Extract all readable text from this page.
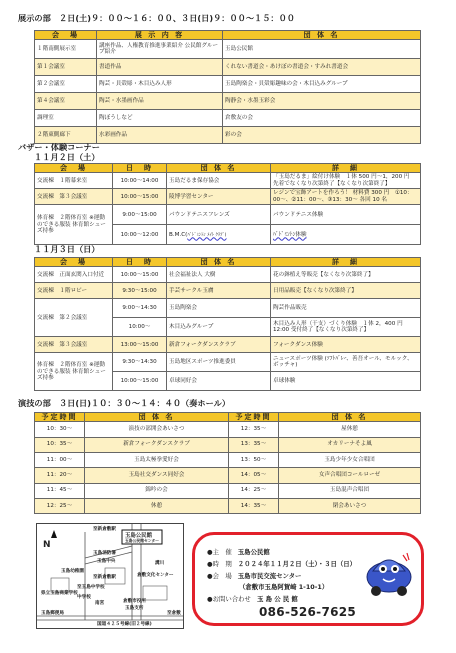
展示の部　２日(土)９：００～１６：００、３日(日)９：００～１５：００
会　場	展 示 内 容	団 体 名
１階南側展示室	講座作品、人権教育推進事業紹介 公民館グループ紹介	玉島公民館
第１会議室	書道作品	くれない書道会・あけぼの書道会・すみれ書道会
第２会議室	陶芸・貝殻彫・木目込み人形	玉島陶楽会・貝殻彫趣味の会・木目込みグループ
第４会議室	陶芸・水墨画作品	陶静会・水墨玉彩会
調理室	陶ぼうしなど	倉敷友の会
２階東側廊下	水彩画作品	彩の会
バザー・体験コーナー
１１月２日（土）
会　場	日　時	団 体 名	詳　細
交流棟　１階幕来室	10:00～14:00	玉島だるま保存協会	「玉島だるま」絵付け体験　１体 500 円～1，200 円　先着でなくなり次第終了【なくなり次第終了】
交流棟　第３会議室	10:00～15:00	陵博学習センター	レジンで宝飾アートを作ろう！ 材料費 300 円　①10：00～、②11：00～、③13：30～ 各回 10 名
体育棟　２階体育室 ※運動のできる服装 体育館シューズ持参	9:00～15:00	パウンドテニスフレンズ	パウンドテニス体験
	10:00～12:00	B.M.C(ﾊﾞﾄﾞﾐﾝﾄﾝ ﾒｲﾄ ｸﾗﾌﾞ)	ﾊﾞﾄﾞﾐﾝﾄﾝ体験
１１月３日（日）
会　場	日　時	団 体 名	詳　細
交流棟　正面玄関入口付近	10:00～15:00	社会福祉法人 大樹	花の鉢植え等販売【なくなり次第終了】
交流棟　１階ロビー	9:30～15:00	手芸サークル玉膚	日用品販売【なくなり次第終了】
交流棟　第２会議室	9:00～14:30	玉島陶楽会	陶芸作品販売
	10:00～	木目込みグループ	木目込み人形（干支）づくり体験　１体 2，400 円　12:00 受付終了【なくなり次第終了】
交流棟　第３会議室	13:00～15:00	新倉フォークダンスクラブ	フォークダンス体験
体育棟　２階体育室 ※運動のできる服装 体育館シューズ持参	9:30～14:30	玉島地区スポーツ推進委員	ニュースポーツ体験 (ｿﾌﾄﾊﾞﾚｰ、善吾オール、モルック、ボッチャ)
	10:00～15:00	卓球同好会	卓球体験
演技の部　３日(日)１０：３０～１４：４０（奏ホール）
予定時間	団 体 名	予定時間	団 体 名
10：30～	演技の部開会あいさつ	12：35～	屋休憩
10：35～	新倉フォークダンスクラブ	13：35～	オカリーナそよ風
11：00～	玉島太極拳愛好会	13：50～	玉島少年少女合唱団
11：20～	玉島社交ダンス同好会	14：05～	女声合唱団コールローゼ
11：45～	錦吟の会	14：25～	玉島混声合唱団
12：25～	休憩	14：35～	閉会あいさつ
N
至新倉敷駅
玉島公民館
玉島公民館センター
玉島消防署
玉島中央
至新倉敷駅
至玉島中学校
溝川
倉敷文化センター
玉島幼稚園
県立玉島商業学校
中学校
南宮	倉敷市役所
玉島支所
玉島郵便局
国道４２５号線(旧２号線)
至倉敷
●主　催 玉島公民館
●時　期 ２０２４年１１月２日（土）・３日（日）
●会　場 玉島市民交流センター
（倉敷市玉島阿賀崎 1-10-1）
●お問い合わせ 玉 島 公 民 館
086-526-7625
